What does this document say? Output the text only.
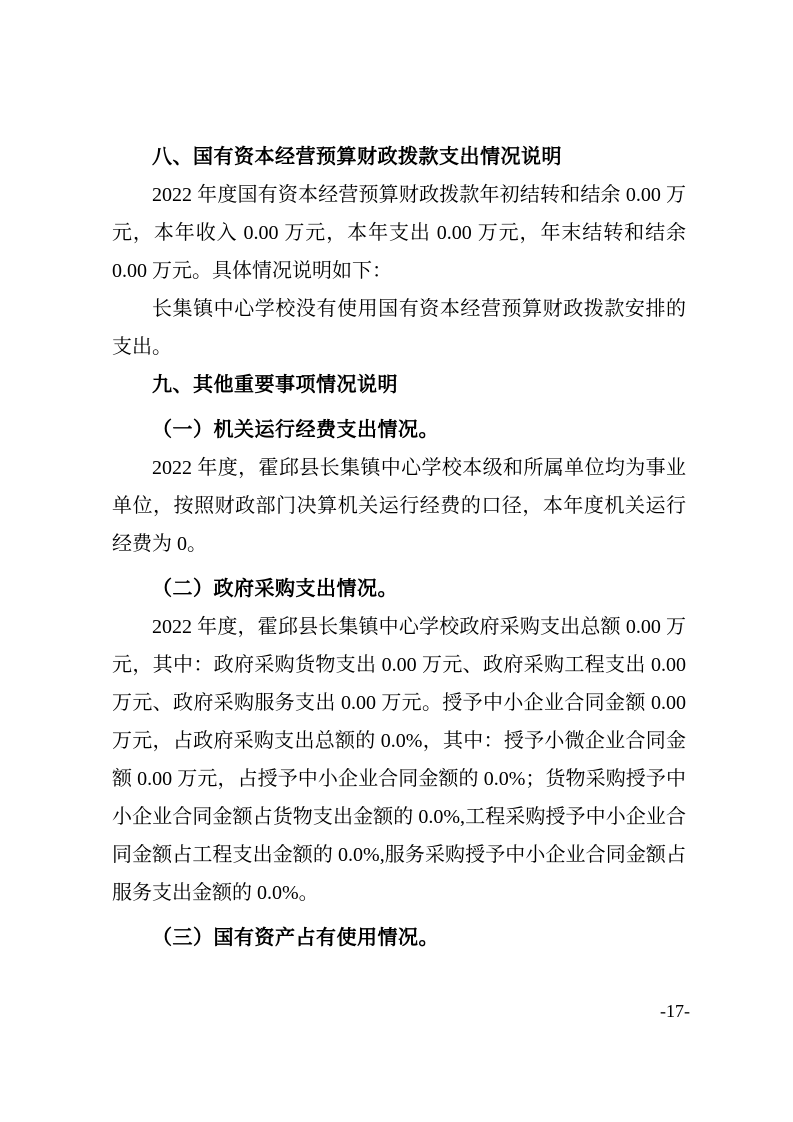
八、国有资本经营预算财政拨款支出情况说明

2022 年度国有资本经营预算财政拨款年初结转和结余 0.00 万元，本年收入 0.00 万元，本年支出 0.00 万元，年末结转和结余 0.00 万元。具体情况说明如下：

长集镇中心学校没有使用国有资本经营预算财政拨款安排的支出。

九、其他重要事项情况说明

（一）机关运行经费支出情况。

2022 年度，霍邱县长集镇中心学校本级和所属单位均为事业单位，按照财政部门决算机关运行经费的口径，本年度机关运行经费为 0。

（二）政府采购支出情况。

2022 年度，霍邱县长集镇中心学校政府采购支出总额 0.00 万元，其中：政府采购货物支出 0.00 万元、政府采购工程支出 0.00 万元、政府采购服务支出 0.00 万元。授予中小企业合同金额 0.00 万元，占政府采购支出总额的 0.0%，其中：授予小微企业合同金额 0.00 万元，占授予中小企业合同金额的 0.0%；货物采购授予中小企业合同金额占货物支出金额的 0.0%,工程采购授予中小企业合同金额占工程支出金额的 0.0%,服务采购授予中小企业合同金额占服务支出金额的 0.0%。

（三）国有资产占有使用情况。

-17-
